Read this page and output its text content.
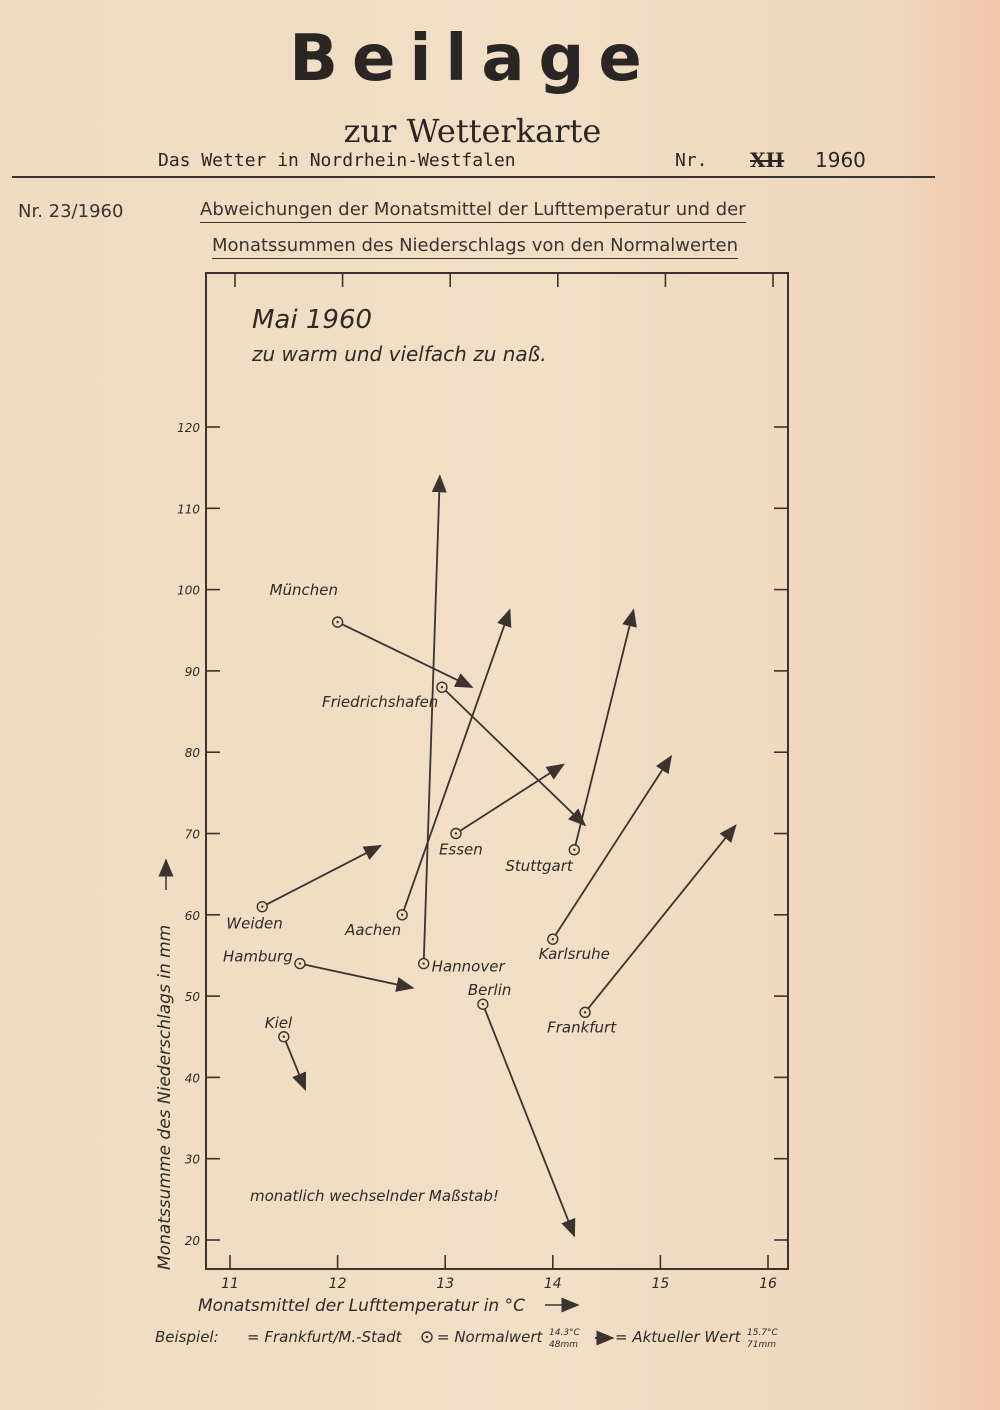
Beilage
zur Wetterkarte
Das Wetter in Nordrhein-Westfalen	Nr. XII 1960
Nr. 23/1960	Abweichungen der Monatsmittel der Lufttemperatur und der
Monatssummen des Niederschlags von den Normalwerten
11	12	13	14	15	16
20
30
40
50
60
70
80
90
100
110
120
München
Friedrichshafen
Essen
Stuttgart
Weiden	Aachen
Hamburg
Hannover
Karlsruhe
Berlin
Frankfurt
Kiel
Mai 1960
zu warm und vielfach zu naß.
monatlich wechselnder Maßstab!
Monatsmittel der Lufttemperatur in °C
Monatssumme des Niederschlags in mm
Beispiel: = Frankfurt/M.-Stadt = Normalwert 14.3°C
48mm = Aktueller Wert 15.7°C
71mm
